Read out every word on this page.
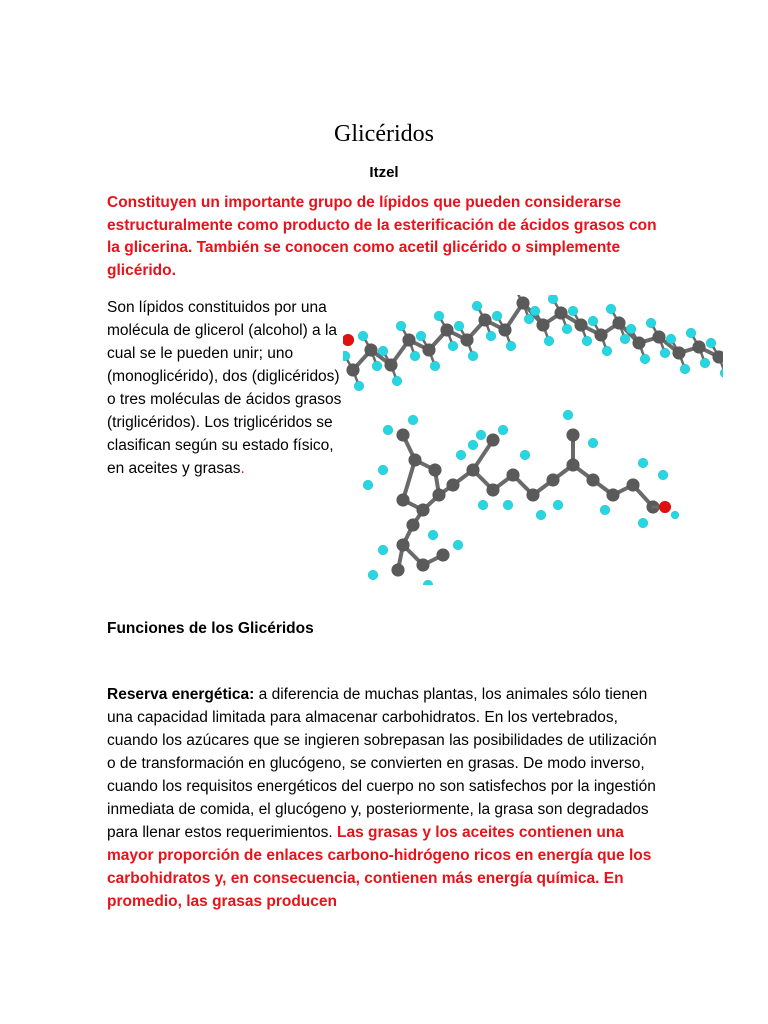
Glicéridos
Itzel
Constituyen un importante grupo de lípidos que pueden considerarse estructuralmente como producto de la esterificación de ácidos grasos con la glicerina. También se conocen como acetil glicérido o simplemente glicérido.
Son lípidos constituidos por una molécula de glicerol (alcohol) a la cual se le pueden unir; uno (monoglicérido), dos (diglicéridos) o tres moléculas de ácidos grasos (triglicéridos). Los triglicéridos se clasifican según su estado físico, en aceites y grasas.
Funciones de los Glicéridos
Reserva energética: a diferencia de muchas plantas, los animales sólo tienen una capacidad limitada para almacenar carbohidratos. En los vertebrados, cuando los azúcares que se ingieren sobrepasan las posibilidades de utilización o de transformación en glucógeno, se convierten en grasas. De modo inverso, cuando los requisitos energéticos del cuerpo no son satisfechos por la ingestión inmediata de comida, el glucógeno y, posteriormente, la grasa son degradados para llenar estos requerimientos. Las grasas y los aceites contienen una mayor proporción de enlaces carbono-hidrógeno ricos en energía que los carbohidratos y, en consecuencia, contienen más energía química. En promedio, las grasas producen
